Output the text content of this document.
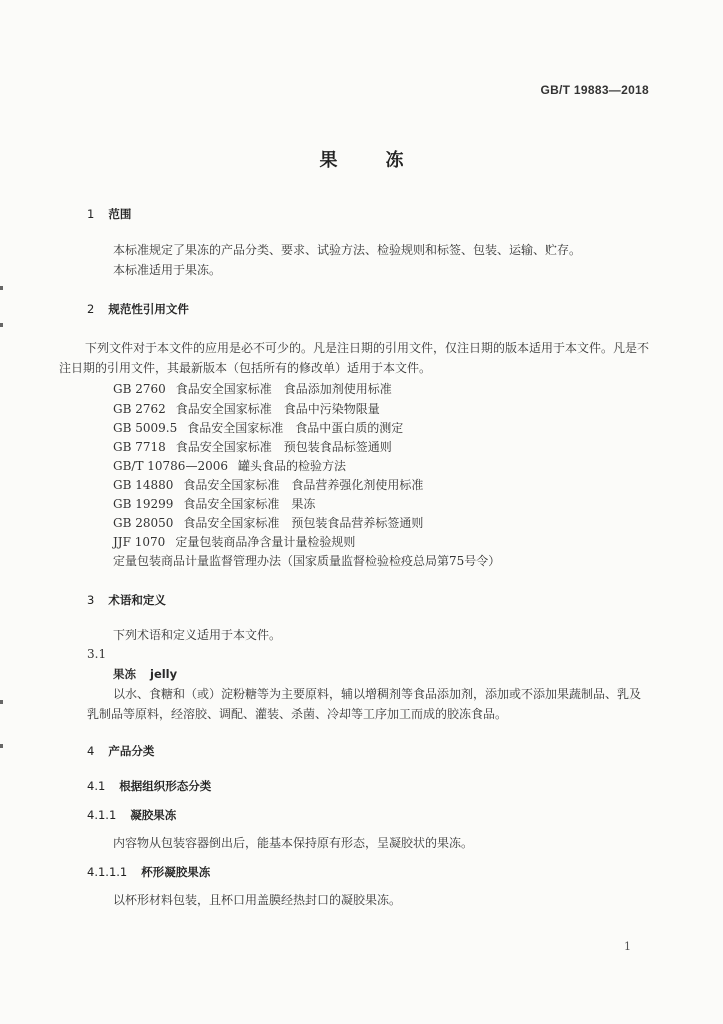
GB/T 19883—2018
果冻
1 范围
本标准规定了果冻的产品分类、要求、试验方法、检验规则和标签、包装、运输、贮存。
本标准适用于果冻。
2 规范性引用文件
下列文件对于本文件的应用是必不可少的。凡是注日期的引用文件，仅注日期的版本适用于本文件。凡是不注日期的引用文件，其最新版本（包括所有的修改单）适用于本文件。
GB 2760 食品安全国家标准 食品添加剂使用标准
GB 2762 食品安全国家标准 食品中污染物限量
GB 5009.5 食品安全国家标准 食品中蛋白质的测定
GB 7718 食品安全国家标准 预包装食品标签通则
GB/T 10786—2006 罐头食品的检验方法
GB 14880 食品安全国家标准 食品营养强化剂使用标准
GB 19299 食品安全国家标准 果冻
GB 28050 食品安全国家标准 预包装食品营养标签通则
JJF 1070 定量包装商品净含量计量检验规则
定量包装商品计量监督管理办法（国家质量监督检验检疫总局第75号令）
3 术语和定义
下列术语和定义适用于本文件。
3.1
果冻 jelly
以水、食糖和（或）淀粉糖等为主要原料，辅以增稠剂等食品添加剂，添加或不添加果蔬制品、乳及乳制品等原料，经溶胶、调配、灌装、杀菌、冷却等工序加工而成的胶冻食品。
4 产品分类
4.1 根据组织形态分类
4.1.1 凝胶果冻
内容物从包装容器倒出后，能基本保持原有形态，呈凝胶状的果冻。
4.1.1.1 杯形凝胶果冻
以杯形材料包装，且杯口用盖膜经热封口的凝胶果冻。
1
